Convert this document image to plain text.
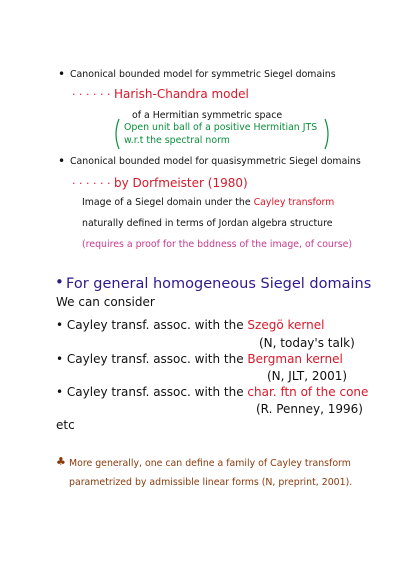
• Canonical bounded model for symmetric Siegel domains
· · · · · · Harish-Chandra model
of a Hermitian symmetric space
Open unit ball of a positive Hermitian JTS
w.r.t the spectral norm
• Canonical bounded model for quasisymmetric Siegel domains
· · · · · · by Dorfmeister (1980)
Image of a Siegel domain under the Cayley transform
naturally defined in terms of Jordan algebra structure
(requires a proof for the bddness of the image, of course)
• For general homogeneous Siegel domains
We can consider
• Cayley transf. assoc. with the Szegö kernel
(N, today's talk)
• Cayley transf. assoc. with the Bergman kernel
(N, JLT, 2001)
• Cayley transf. assoc. with the char. ftn of the cone
(R. Penney, 1996)
etc
♣ More generally, one can define a family of Cayley transform
parametrized by admissible linear forms (N, preprint, 2001).
